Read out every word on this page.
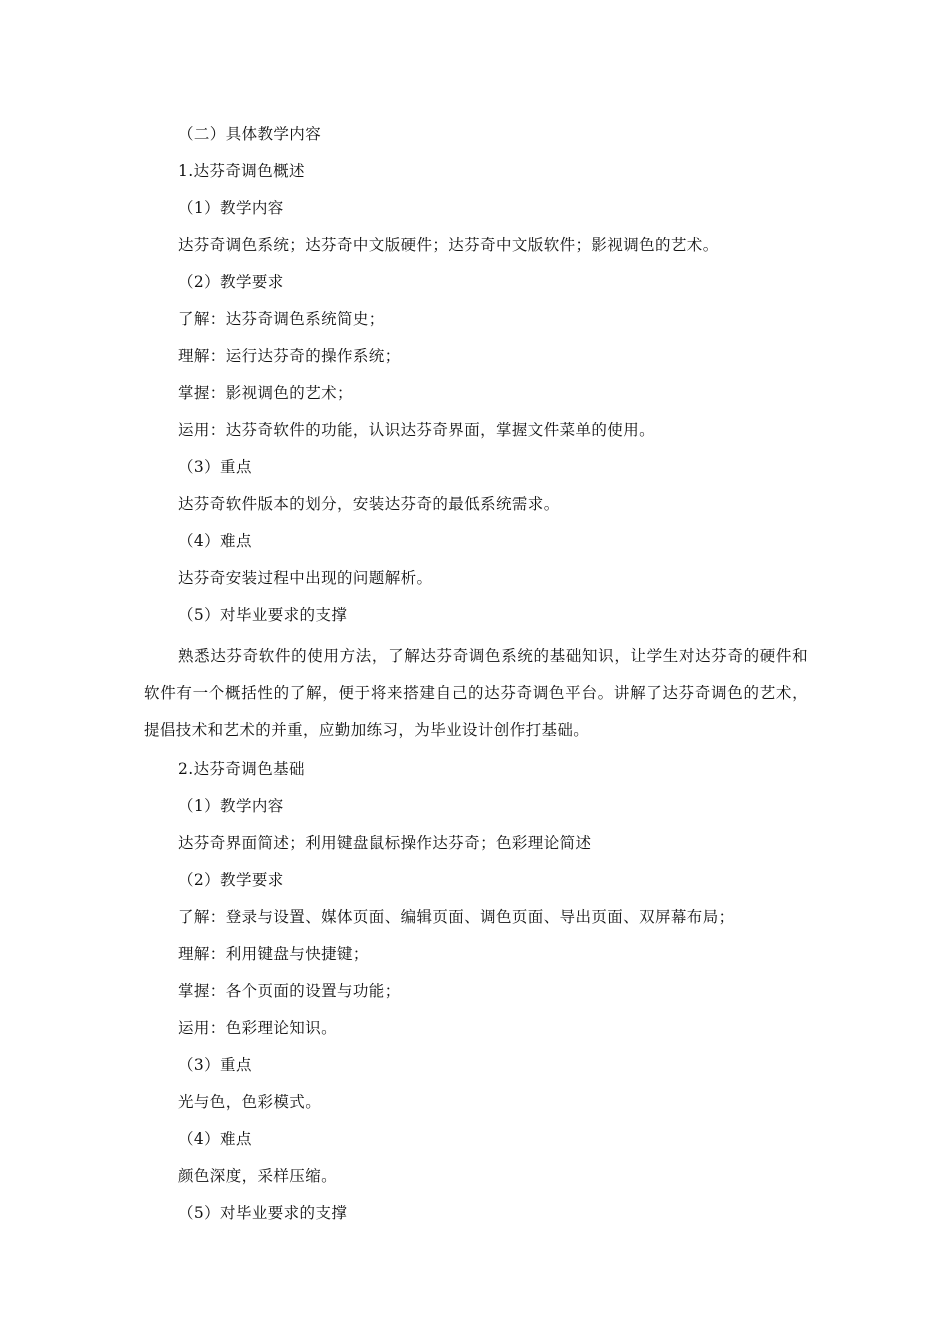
（二）具体教学内容
1.达芬奇调色概述
（1）教学内容
达芬奇调色系统；达芬奇中文版硬件；达芬奇中文版软件；影视调色的艺术。
（2）教学要求
了解：达芬奇调色系统简史；
理解：运行达芬奇的操作系统；
掌握：影视调色的艺术；
运用：达芬奇软件的功能，认识达芬奇界面，掌握文件菜单的使用。
（3）重点
达芬奇软件版本的划分，安装达芬奇的最低系统需求。
（4）难点
达芬奇安装过程中出现的问题解析。
（5）对毕业要求的支撑
熟悉达芬奇软件的使用方法，了解达芬奇调色系统的基础知识，让学生对达芬奇的硬件和软件有一个概括性的了解，便于将来搭建自己的达芬奇调色平台。讲解了达芬奇调色的艺术，提倡技术和艺术的并重，应勤加练习，为毕业设计创作打基础。
2.达芬奇调色基础
（1）教学内容
达芬奇界面简述；利用键盘鼠标操作达芬奇；色彩理论简述
（2）教学要求
了解：登录与设置、媒体页面、编辑页面、调色页面、导出页面、双屏幕布局；
理解：利用键盘与快捷键；
掌握：各个页面的设置与功能；
运用：色彩理论知识。
（3）重点
光与色，色彩模式。
（4）难点
颜色深度，采样压缩。
（5）对毕业要求的支撑
